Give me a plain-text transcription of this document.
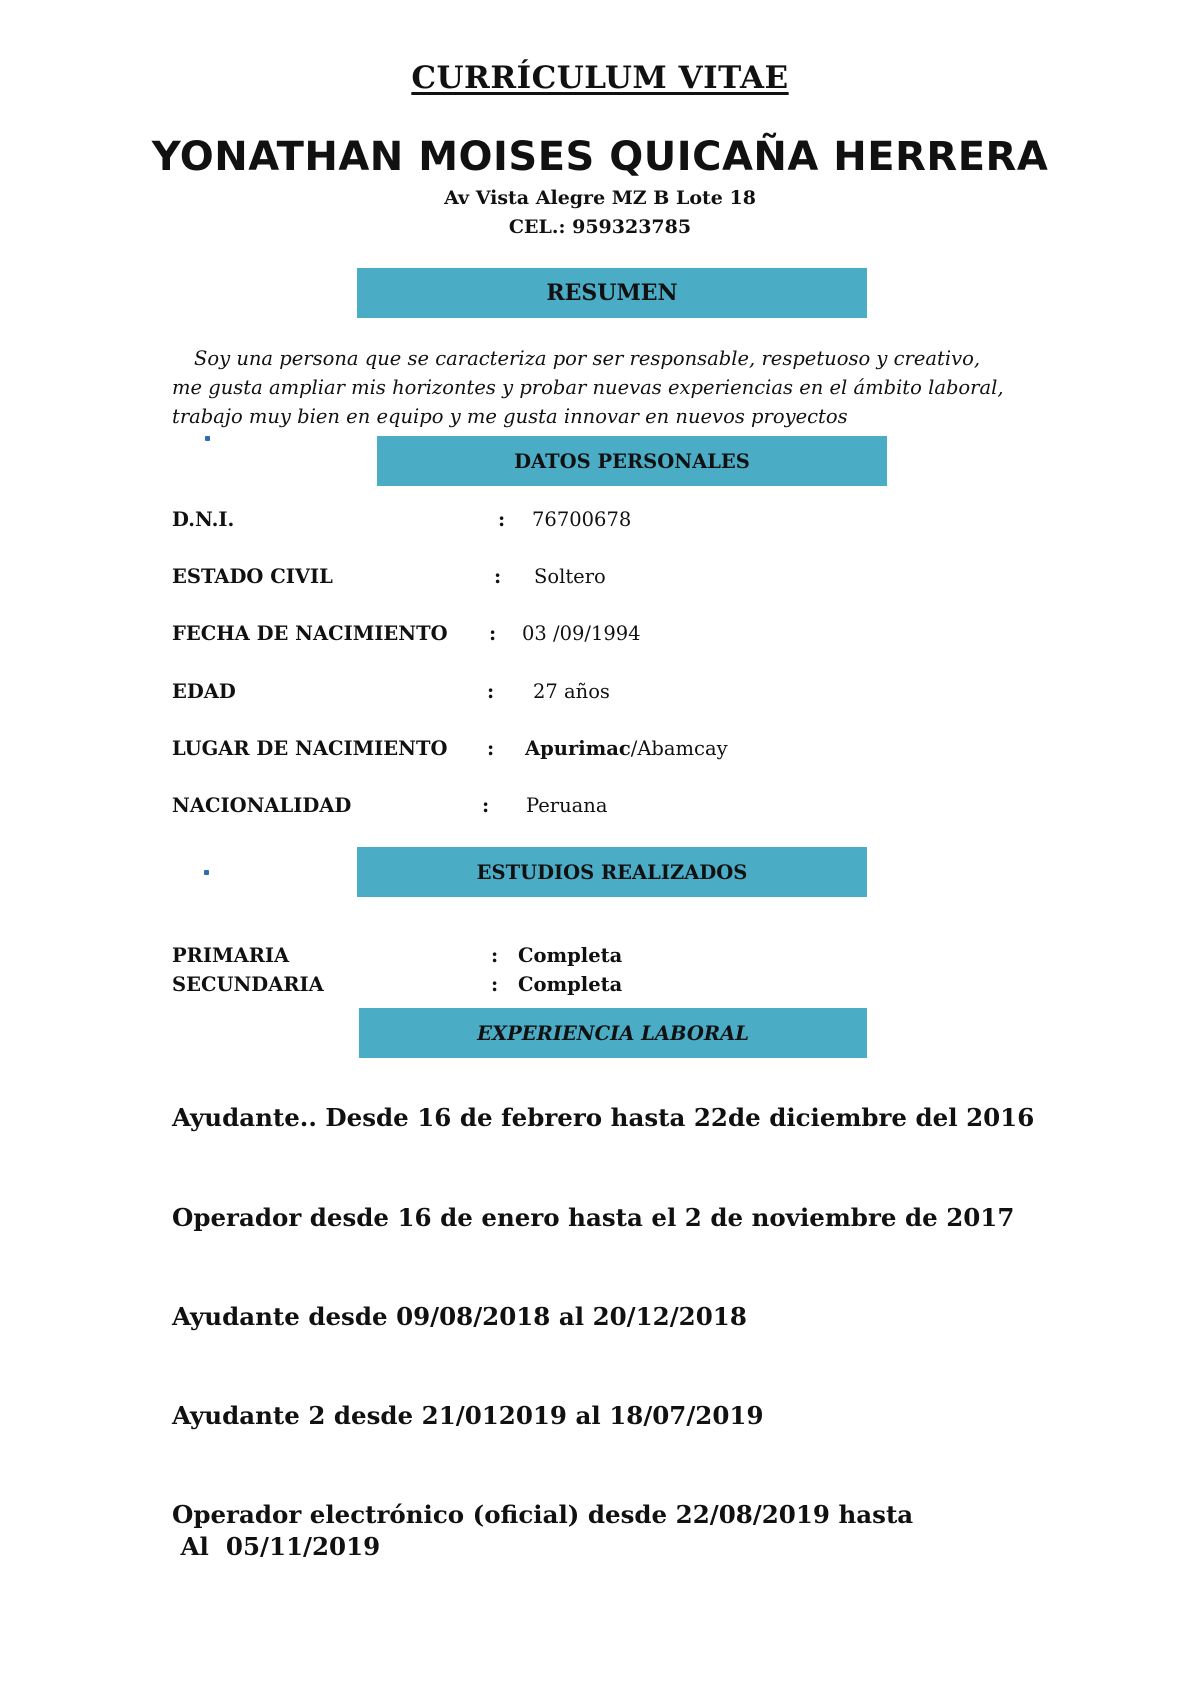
CURRÍCULUM VITAE
YONATHAN MOISES QUICAÑA HERRERA
Av Vista Alegre MZ B Lote 18
CEL.: 959323785
RESUMEN

Soy una persona que se caracteriza por ser responsable, respetuoso y creativo,

me gusta ampliar mis horizontes y probar nuevas experiencias en el ámbito laboral,

trabajo muy bien en equipo y me gusta innovar en nuevos proyectos

DATOS PERSONALES
D.N.I.	: 76700678
ESTADO CIVIL	: Soltero
FECHA DE NACIMIENTO : 03 /09/1994
EDAD	: 27 años
LUGAR DE NACIMIENTO : Apurimac/Abamcay
NACIONALIDAD	: Peruana
ESTUDIOS REALIZADOS
PRIMARIA	: Completa
SECUNDARIA	: Completa
EXPERIENCIA LABORAL
Ayudante.. Desde 16 de febrero hasta 22de diciembre del 2016
Operador desde 16 de enero hasta el 2 de noviembre de 2017
Ayudante desde 09/08/2018 al 20/12/2018
Ayudante 2 desde 21/012019 al 18/07/2019
Operador electrónico (oficial) desde 22/08/2019 hasta
Al  05/11/2019
